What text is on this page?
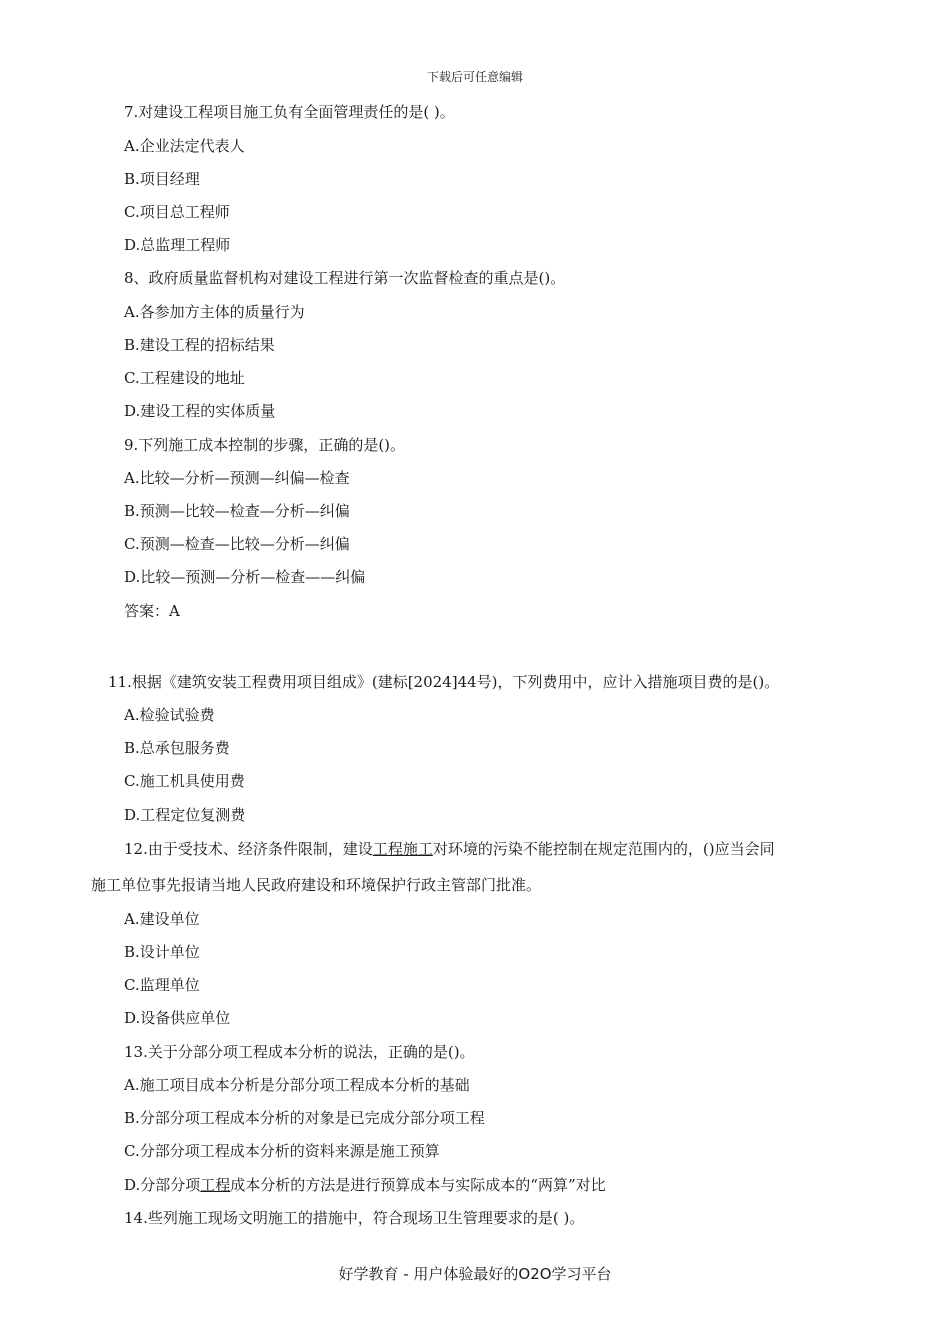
下载后可任意编辑
7.对建设工程项目施工负有全面管理责任的是( )。
A.企业法定代表人
B.项目经理
C.项目总工程师
D.总监理工程师
8、政府质量监督机构对建设工程进行第一次监督检查的重点是()。
A.各参加方主体的质量行为
B.建设工程的招标结果
C.工程建设的地址
D.建设工程的实体质量
9.下列施工成本控制的步骤，正确的是()。
A.比较—分析—预测—纠偏—检查
B.预测—比较—检查—分析—纠偏
C.预测—检查—比较—分析—纠偏
D.比较—预测—分析—检查——纠偏
答案：A
11.根据《建筑安装工程费用项目组成》(建标[2024]44号)，下列费用中，应计入措施项目费的是()。
A.检验试验费
B.总承包服务费
C.施工机具使用费
D.工程定位复测费
12.由于受技术、经济条件限制，建设工程施工对环境的污染不能控制在规定范围内的，()应当会同
施工单位事先报请当地人民政府建设和环境保护行政主管部门批准。
A.建设单位
B.设计单位
C.监理单位
D.设备供应单位
13.关于分部分项工程成本分析的说法，正确的是()。
A.施工项目成本分析是分部分项工程成本分析的基础
B.分部分项工程成本分析的对象是已完成分部分项工程
C.分部分项工程成本分析的资料来源是施工预算
D.分部分项工程成本分析的方法是进行预算成本与实际成本的“两算”对比
14.些列施工现场文明施工的措施中，符合现场卫生管理要求的是( )。
好学教育 - 用户体验最好的O2O学习平台
